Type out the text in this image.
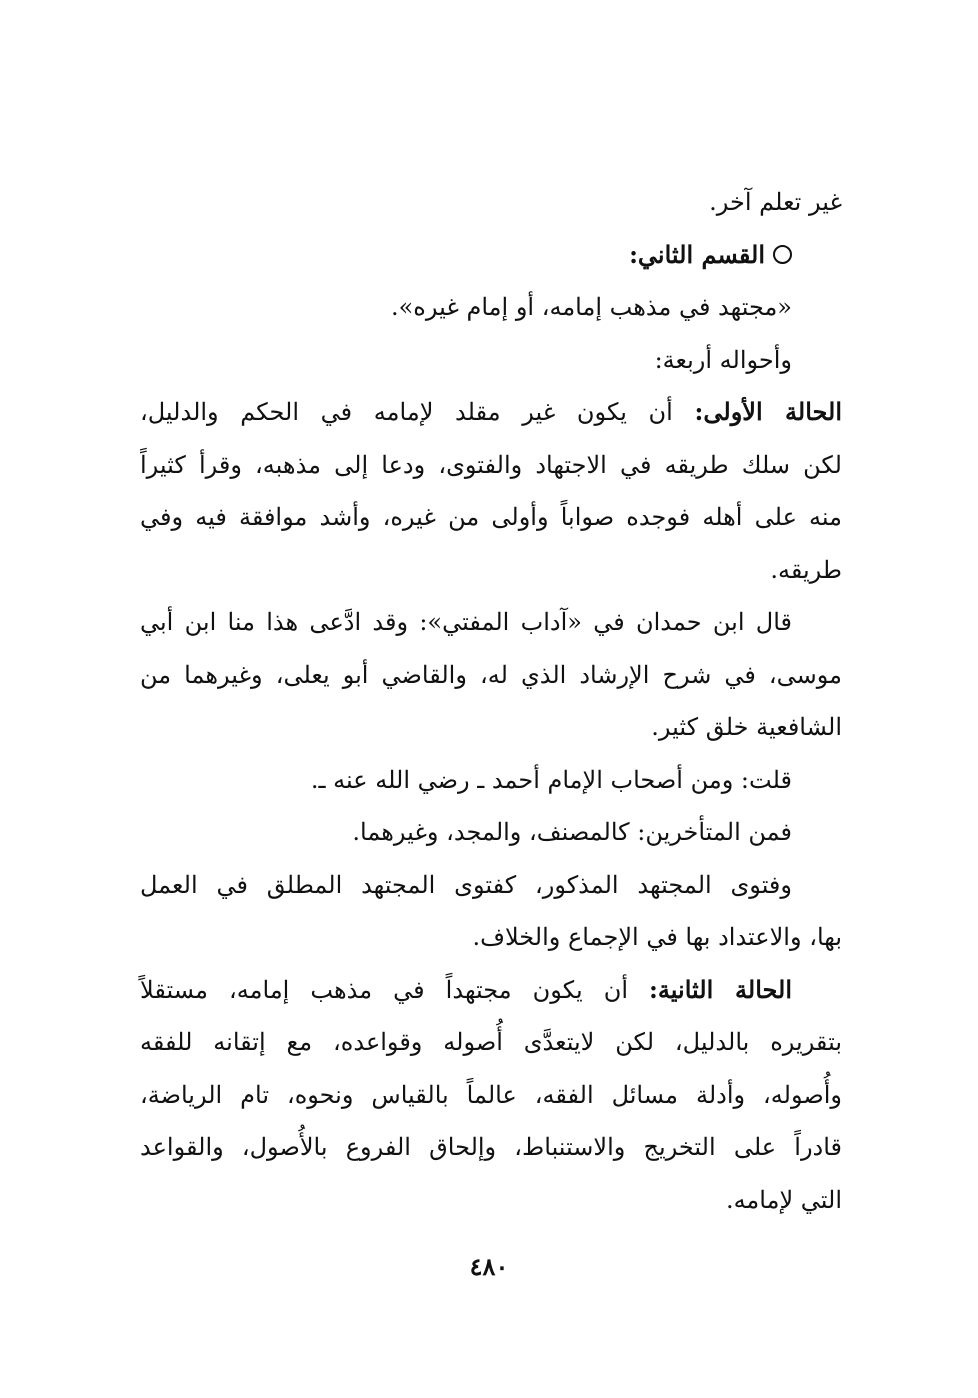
غير تعلم آخر.
القسم الثاني:
«مجتهد في مذهب إمامه، أو إمام غيره».
وأحواله أربعة:
الحالة الأولى: أن يكون غير مقلد لإمامه في الحكم والدليل،
لكن سلك طريقه في الاجتهاد والفتوى، ودعا إلى مذهبه، وقرأ كثيراً
منه على أهله فوجده صواباً وأولى من غيره، وأشد موافقة فيه وفي
طريقه.
قال ابن حمدان في «آداب المفتي»: وقد ادَّعى هذا منا ابن أبي
موسى، في شرح الإرشاد الذي له، والقاضي أبو يعلى، وغيرهما من
الشافعية خلق كثير.
قلت: ومن أصحاب الإمام أحمد ـ رضي الله عنه ـ.
فمن المتأخرين: كالمصنف، والمجد، وغيرهما.
وفتوى المجتهد المذكور، كفتوى المجتهد المطلق في العمل
بها، والاعتداد بها في الإجماع والخلاف.
الحالة الثانية: أن يكون مجتهداً في مذهب إمامه، مستقلاً
بتقريره بالدليل، لكن لايتعدَّى أُصوله وقواعده، مع إتقانه للفقه
وأُصوله، وأدلة مسائل الفقه، عالماً بالقياس ونحوه، تام الرياضة،
قادراً على التخريج والاستنباط، وإلحاق الفروع بالأُصول، والقواعد
التي لإمامه.
٤٨٠
